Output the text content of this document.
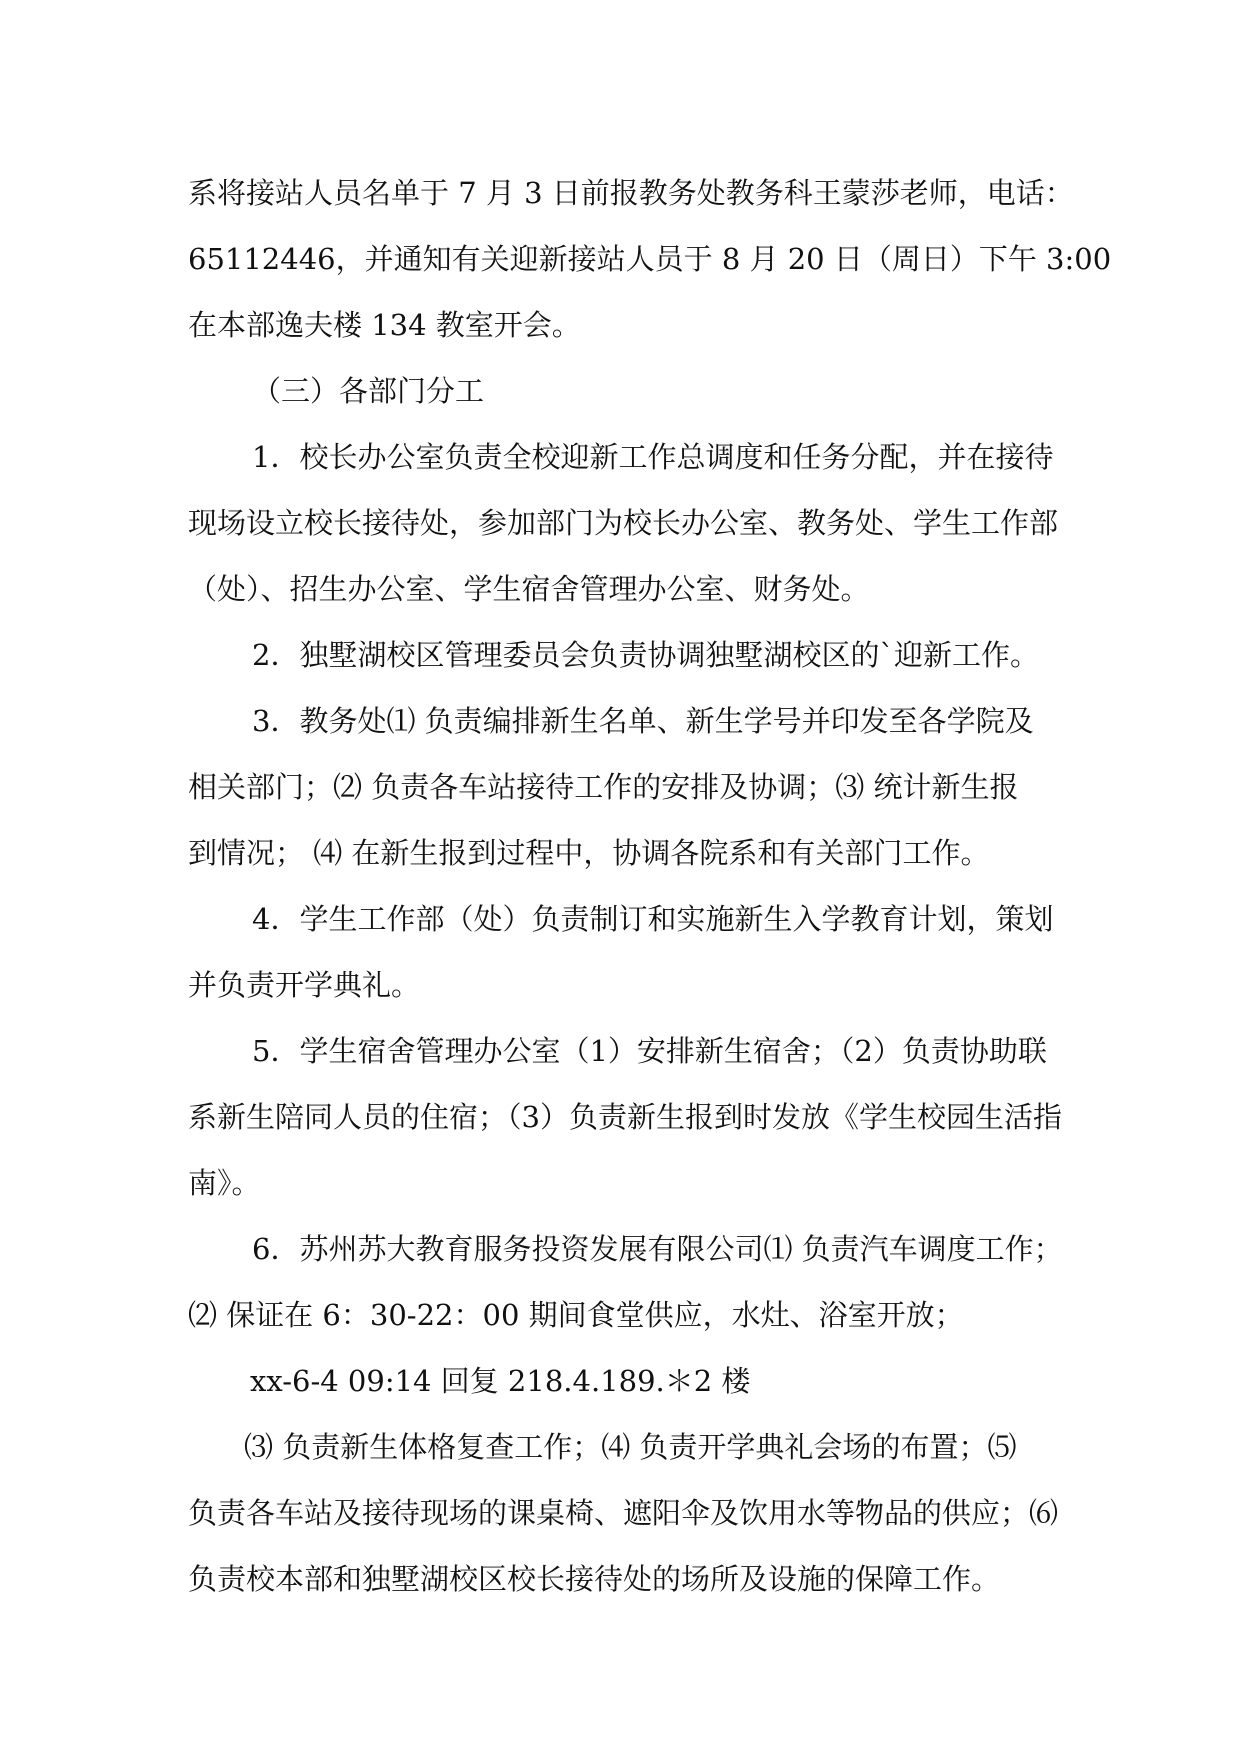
系将接站人员名单于 7 月 3 日前报教务处教务科王蒙莎老师，电话：
65112446，并通知有关迎新接站人员于 8 月 20 日（周日）下午 3:00
在本部逸夫楼 134 教室开会。
（三）各部门分工
1．校长办公室负责全校迎新工作总调度和任务分配，并在接待
现场设立校长接待处，参加部门为校长办公室、教务处、学生工作部
（处）、招生办公室、学生宿舍管理办公室、财务处。
2．独墅湖校区管理委员会负责协调独墅湖校区的`迎新工作。
3．教务处⑴ 负责编排新生名单、新生学号并印发至各学院及
相关部门；⑵ 负责各车站接待工作的安排及协调；⑶ 统计新生报
到情况； ⑷ 在新生报到过程中，协调各院系和有关部门工作。
4．学生工作部（处）负责制订和实施新生入学教育计划，策划
并负责开学典礼。
5．学生宿舍管理办公室（1）安排新生宿舍；（2）负责协助联
系新生陪同人员的住宿；（3）负责新生报到时发放《学生校园生活指
南》。
6．苏州苏大教育服务投资发展有限公司⑴ 负责汽车调度工作；
⑵ 保证在 6：30-22：00 期间食堂供应，水灶、浴室开放；
xx-6-4 09:14 回复 218.4.189.＊2 楼
⑶ 负责新生体格复查工作；⑷ 负责开学典礼会场的布置；⑸
负责各车站及接待现场的课桌椅、遮阳伞及饮用水等物品的供应；⑹
负责校本部和独墅湖校区校长接待处的场所及设施的保障工作。
